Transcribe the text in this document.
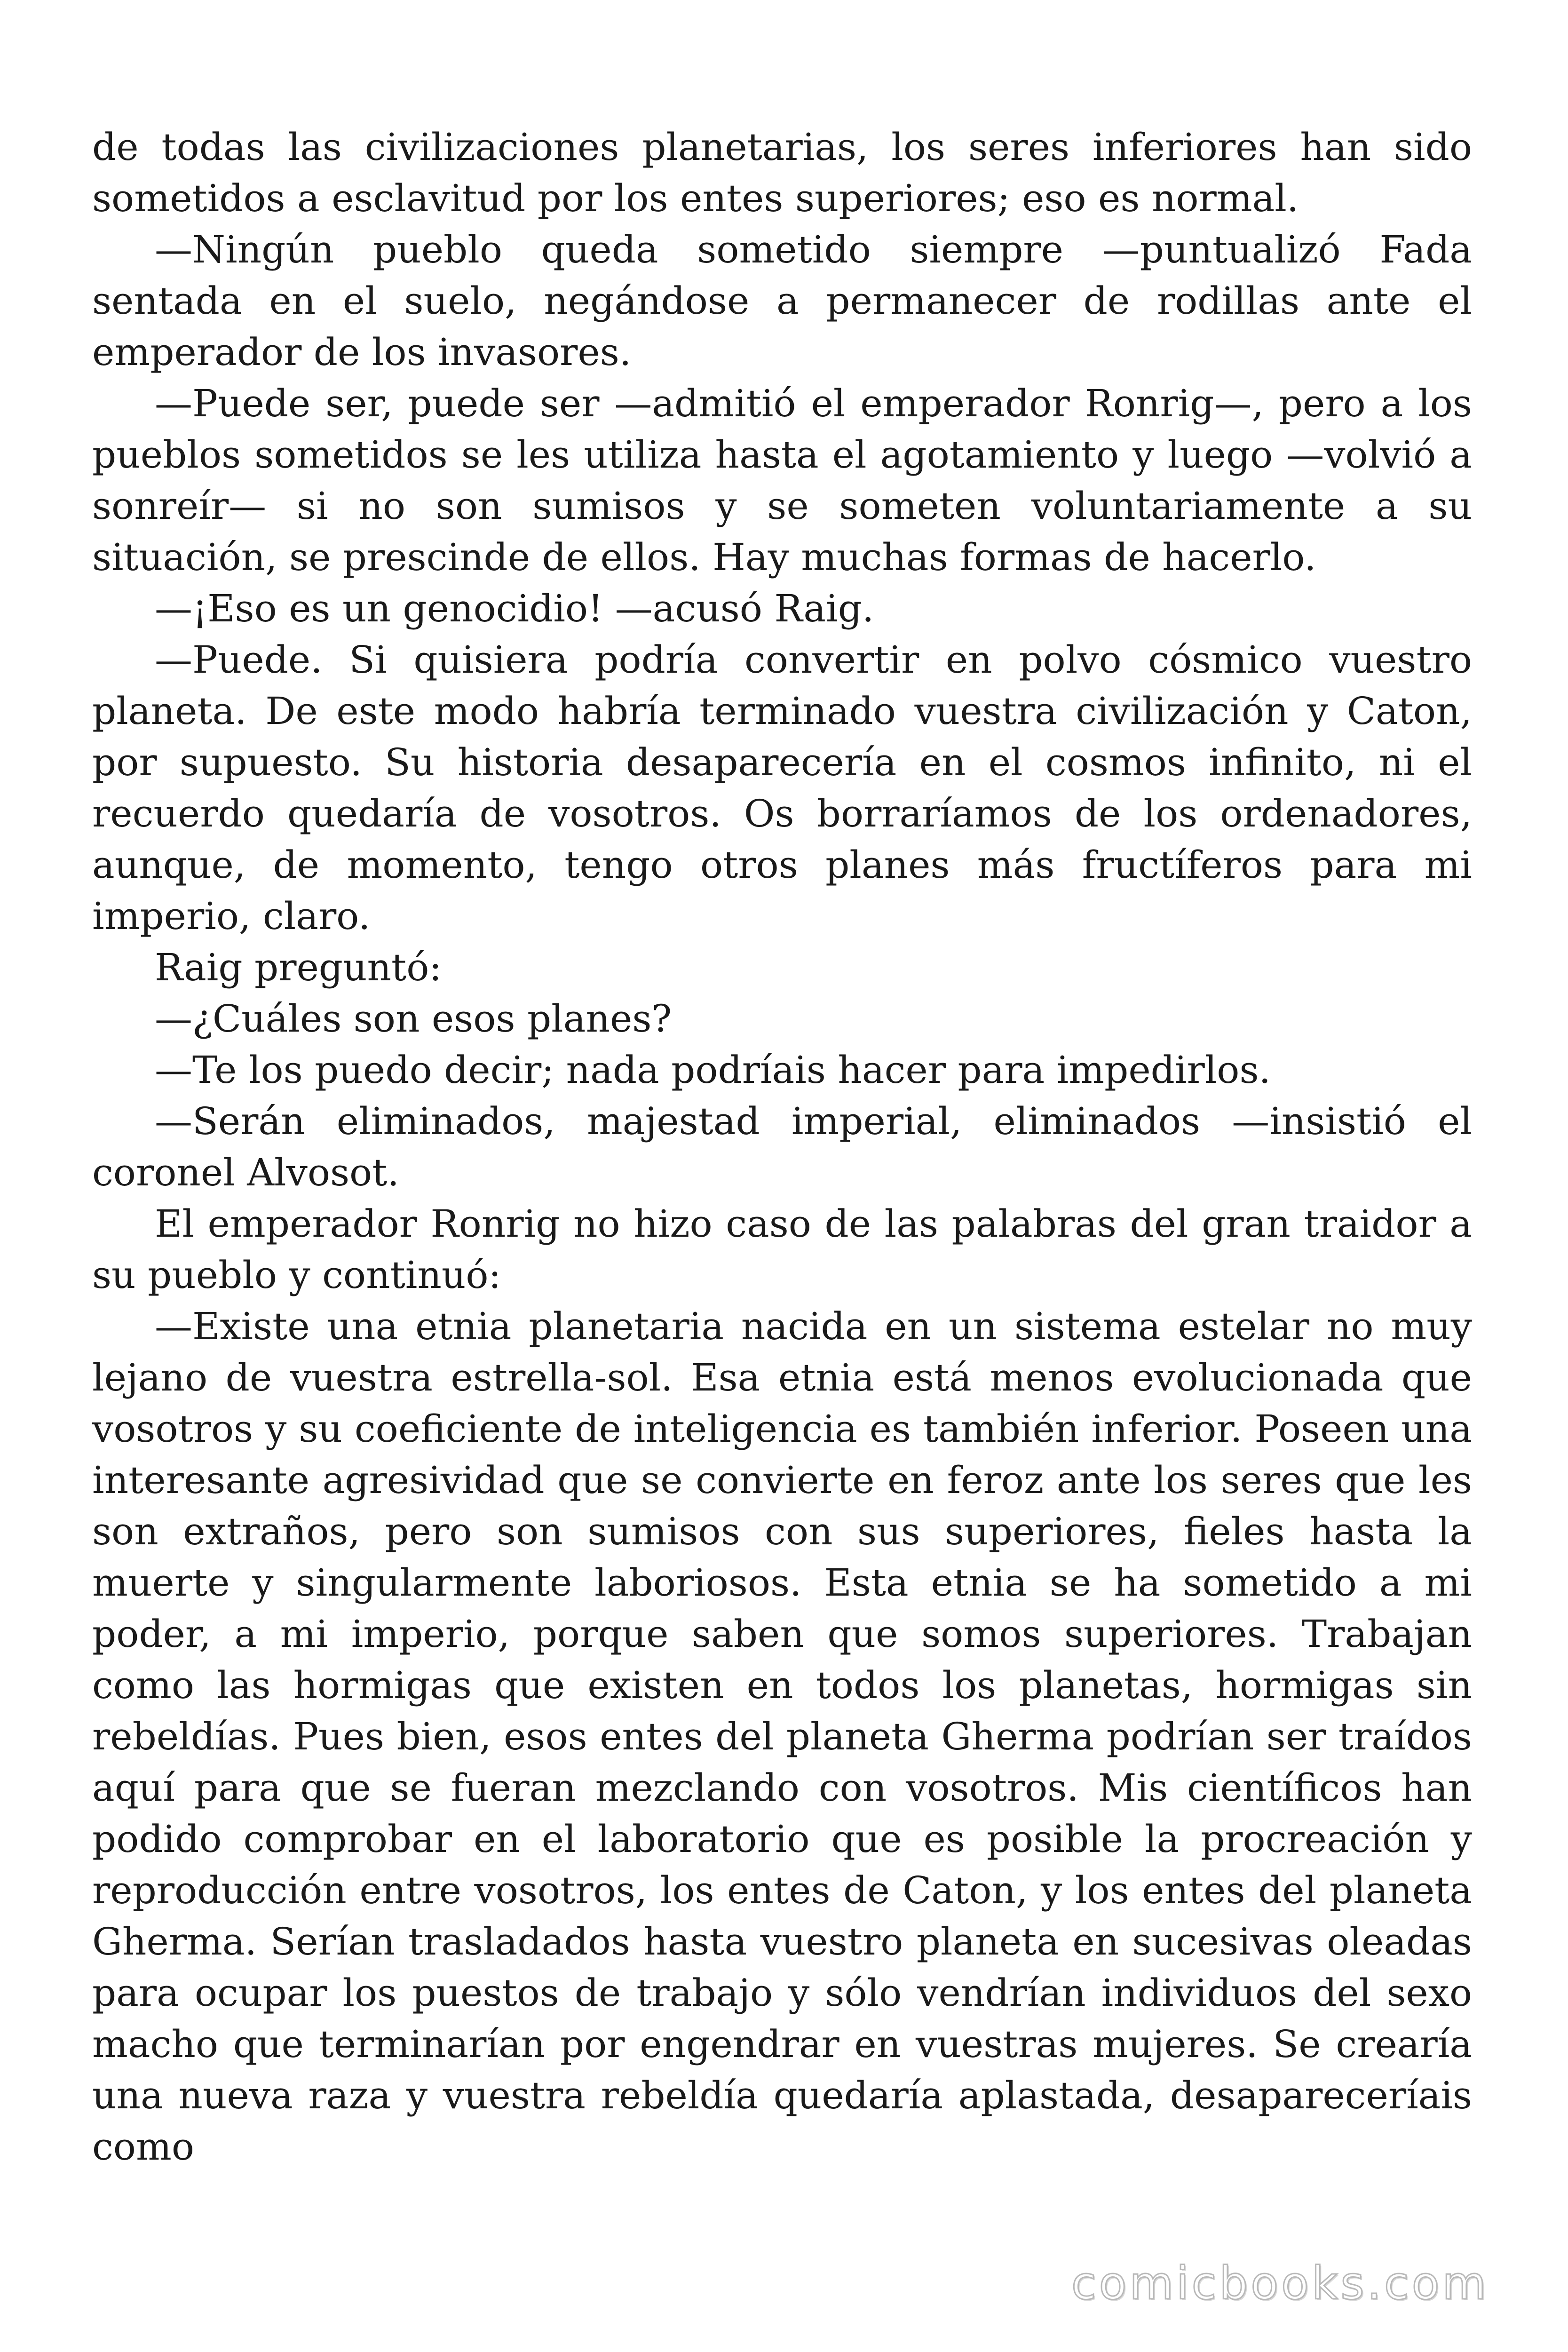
de todas las civilizaciones planetarias, los seres inferiores han sido sometidos a esclavitud por los entes superiores; eso es normal.

—Ningún pueblo queda sometido siempre —puntualizó Fada sentada en el suelo, negándose a permanecer de rodillas ante el emperador de los invasores.

—Puede ser, puede ser —admitió el emperador Ronrig—, pero a los pueblos sometidos se les utiliza hasta el agotamiento y luego —volvió a sonreír— si no son sumisos y se someten voluntariamente a su situación, se prescinde de ellos. Hay muchas formas de hacerlo.

—¡Eso es un genocidio! —acusó Raig.

—Puede. Si quisiera podría convertir en polvo cósmico vuestro planeta. De este modo habría terminado vuestra civilización y Caton, por supuesto. Su historia desaparecería en el cosmos infinito, ni el recuerdo quedaría de vosotros. Os borraríamos de los ordenadores, aunque, de momento, tengo otros planes más fructíferos para mi imperio, claro.

Raig preguntó:

—¿Cuáles son esos planes?

—Te los puedo decir; nada podríais hacer para impedirlos.

—Serán eliminados, majestad imperial, eliminados —insistió el coronel Alvosot.

El emperador Ronrig no hizo caso de las palabras del gran traidor a su pueblo y continuó:

—Existe una etnia planetaria nacida en un sistema estelar no muy lejano de vuestra estrella-sol. Esa etnia está menos evolucionada que vosotros y su coeficiente de inteligencia es también inferior. Poseen una interesante agresividad que se convierte en feroz ante los seres que les son extraños, pero son sumisos con sus superiores, fieles hasta la muerte y singularmente laboriosos. Esta etnia se ha sometido a mi poder, a mi imperio, porque saben que somos superiores. Trabajan como las hormigas que existen en todos los planetas, hormigas sin rebeldías. Pues bien, esos entes del planeta Gherma podrían ser traídos aquí para que se fueran mezclando con vosotros. Mis científicos han podido comprobar en el laboratorio que es posible la procreación y reproducción entre vosotros, los entes de Caton, y los entes del planeta Gherma. Serían trasladados hasta vuestro planeta en sucesivas oleadas para ocupar los puestos de trabajo y sólo vendrían individuos del sexo macho que terminarían por engendrar en vuestras mujeres. Se crearía una nueva raza y vuestra rebeldía quedaría aplastada, desapareceríais como

comicbooks.com
